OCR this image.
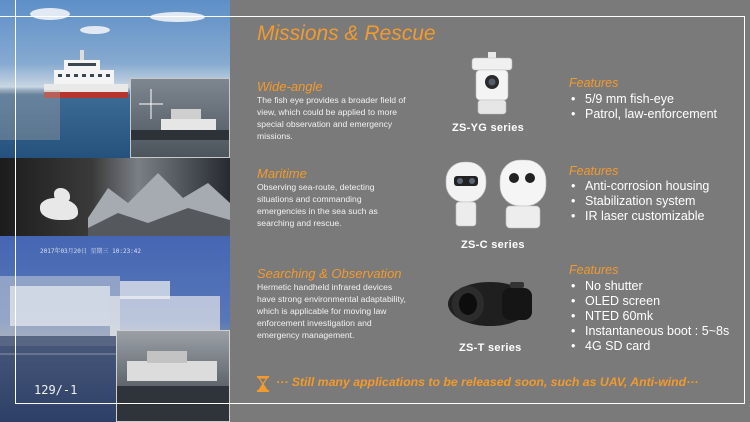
2017年03月20日 星期三 10:23:42
129/-1
Missions & Rescue
Wide-angle
The fish eye provides a broader field of view, which could be applied to more special observation and emergency missions.
Maritime
Observing sea-route, detecting situations and commanding emergencies in the sea such as searching and rescue.
Searching & Observation
Hermetic handheld infrared devices have strong environmental adaptability, which is applicable for moving law enforcement investigation and emergency management.
ZS-YG series
ZS-C series
ZS-T series
Features
• 5/9 mm fish-eye
• Patrol, law-enforcement
Features
• Anti-corrosion housing
• Stabilization system
• IR laser customizable
Features
• No shutter
• OLED screen
• NTED 60mk
• Instantaneous boot : 5~8s
• 4G SD card
··· Still many applications to be released soon, such as UAV, Anti-wind···
